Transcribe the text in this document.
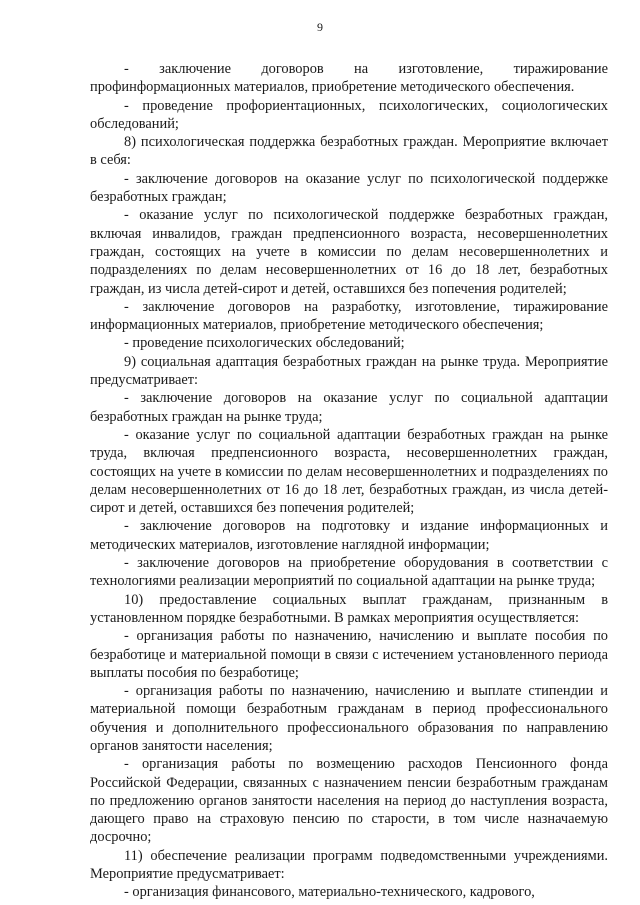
9

- заключение договоров на изготовление, тиражирование профинформационных материалов, приобретение методического обеспечения.

- проведение профориентационных, психологических, социологических обследований;

8) психологическая поддержка безработных граждан. Мероприятие включает в себя:

- заключение договоров на оказание услуг по психологической поддержке безработных граждан;

- оказание услуг по психологической поддержке безработных граждан, включая инвалидов, граждан предпенсионного возраста, несовершеннолетних граждан, состоящих на учете в комиссии по делам несовершеннолетних и подразделениях по делам несовершеннолетних от 16 до 18 лет, безработных граждан, из числа детей-сирот и детей, оставшихся без попечения родителей;

- заключение договоров на разработку, изготовление, тиражирование информационных материалов, приобретение методического обеспечения;

- проведение психологических обследований;

9) социальная адаптация безработных граждан на рынке труда. Мероприятие предусматривает:

- заключение договоров на оказание услуг по социальной адаптации безработных граждан на рынке труда;

- оказание услуг по социальной адаптации безработных граждан на рынке труда, включая предпенсионного возраста, несовершеннолетних граждан, состоящих на учете в комиссии по делам несовершеннолетних и подразделениях по делам несовершеннолетних от 16 до 18 лет, безработных граждан, из числа детей-сирот и детей, оставшихся без попечения родителей;

- заключение договоров на подготовку и издание информационных и методических материалов, изготовление наглядной информации;

- заключение договоров на приобретение оборудования в соответствии с технологиями реализации мероприятий по социальной адаптации на рынке труда;

10) предоставление социальных выплат гражданам, признанным в установленном порядке безработными. В рамках мероприятия осуществляется:

- организация работы по назначению, начислению и выплате пособия по безработице и материальной помощи в связи с истечением установленного периода выплаты пособия по безработице;

- организация работы по назначению, начислению и выплате стипендии и материальной помощи безработным гражданам в период профессионального обучения и дополнительного профессионального образования по направлению органов занятости населения;

- организация работы по возмещению расходов Пенсионного фонда Российской Федерации, связанных с назначением пенсии безработным гражданам по предложению органов занятости населения на период до наступления возраста, дающего право на страховую пенсию по старости, в том числе назначаемую досрочно;

11) обеспечение реализации программ подведомственными учреждениями. Мероприятие предусматривает:

- организация финансового, материально-технического, кадрового,
